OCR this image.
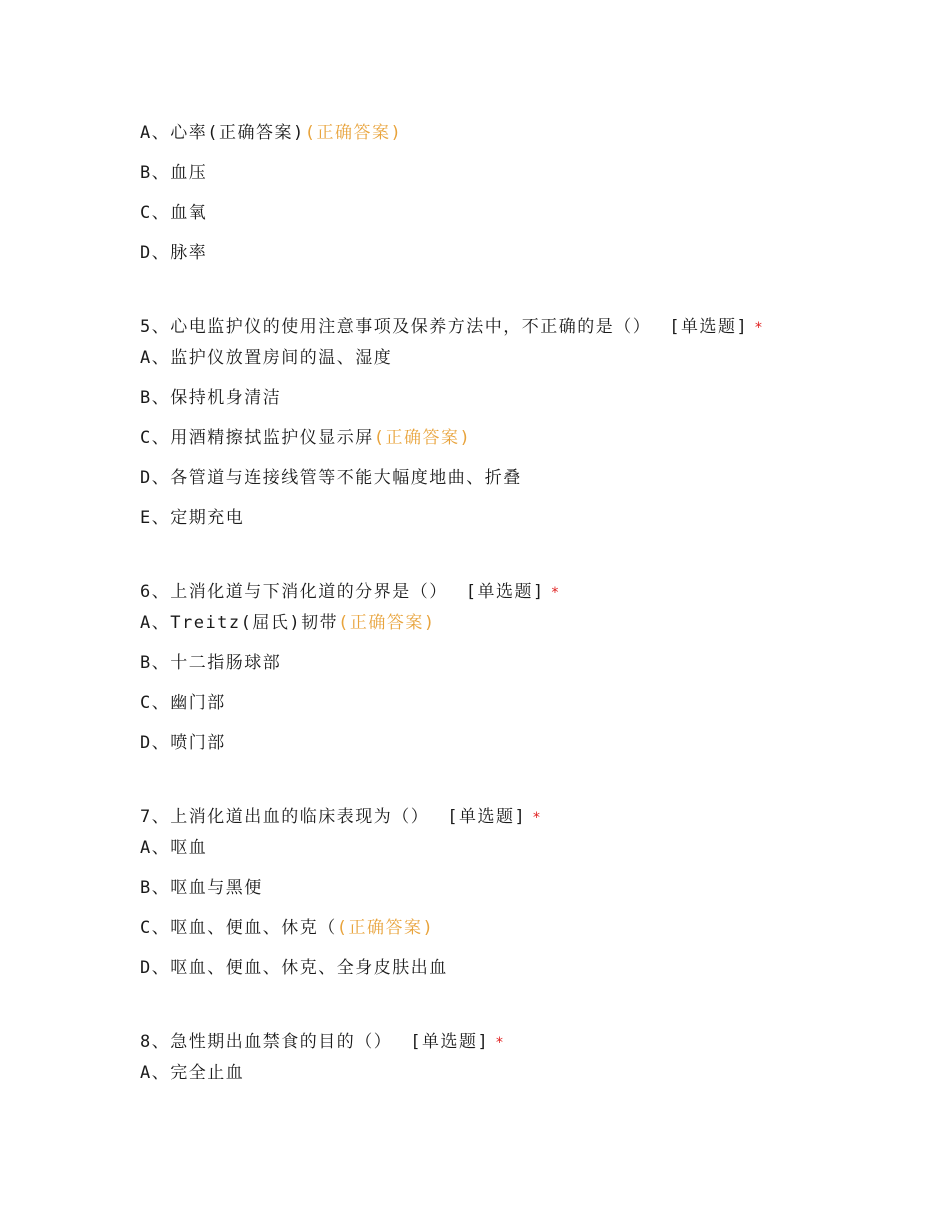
A、心率(正确答案)(正确答案)
B、血压
C、血氧
D、脉率
5、心电监护仪的使用注意事项及保养方法中，不正确的是（） [单选题] *
A、监护仪放置房间的温、湿度
B、保持机身清洁
C、用酒精擦拭监护仪显示屏(正确答案)
D、各管道与连接线管等不能大幅度地曲、折叠
E、定期充电
6、上消化道与下消化道的分界是（） [单选题] *
A、Treitz(屈氏)韧带(正确答案)
B、十二指肠球部
C、幽门部
D、喷门部
7、上消化道出血的临床表现为（） [单选题] *
A、呕血
B、呕血与黑便
C、呕血、便血、休克（(正确答案)
D、呕血、便血、休克、全身皮肤出血
8、急性期出血禁食的目的（） [单选题] *
A、完全止血
